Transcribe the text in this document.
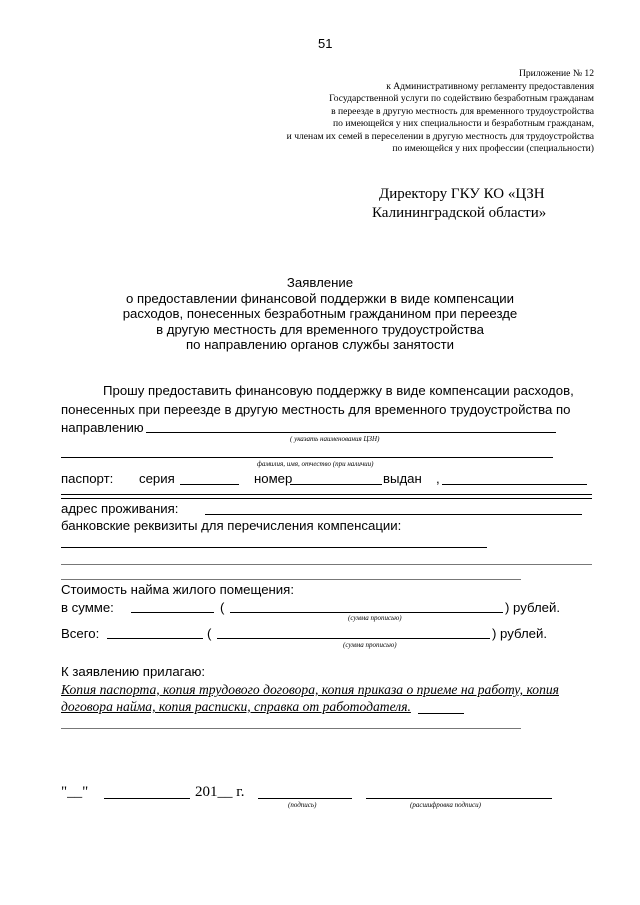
51
Приложение № 12
к Административному регламенту предоставления
Государственной услуги по содействию безработным гражданам
в переезде в другую местность для временного трудоустройства
по имеющейся у них специальности и безработным гражданам,
и членам их семей в переселении в другую местность для трудоустройства
по имеющейся у них профессии (специальности)
Директору ГКУ КО «ЦЗН
Калининградской области»
Заявление
о предоставлении финансовой поддержки в виде компенсации
расходов, понесенных безработным гражданином при переезде
в другую местность для временного трудоустройства
по направлению органов службы занятости
Прошу предоставить финансовую поддержку в виде компенсации расходов,
понесенных при переезде в другую местность для временного трудоустройства по
направлению
( указать наименования ЦЗН)
фамилия, имя, отчество (при наличии)
паспорт: серия	номер	выдан ,
адрес проживания:
банковские реквизиты для перечисления компенсации:
Стоимость найма жилого помещения:
в сумме:	(	) рублей.
(сумма прописью)
Всего:	(	) рублей.
(сумма прописью)
К заявлению прилагаю:
Копия паспорта, копия трудового договора, копия приказа о приеме на работу, копия
договора найма, копия расписки, справка от работодателя.
"__"	201__ г.
(подпись)	(расшифровка подписи)
